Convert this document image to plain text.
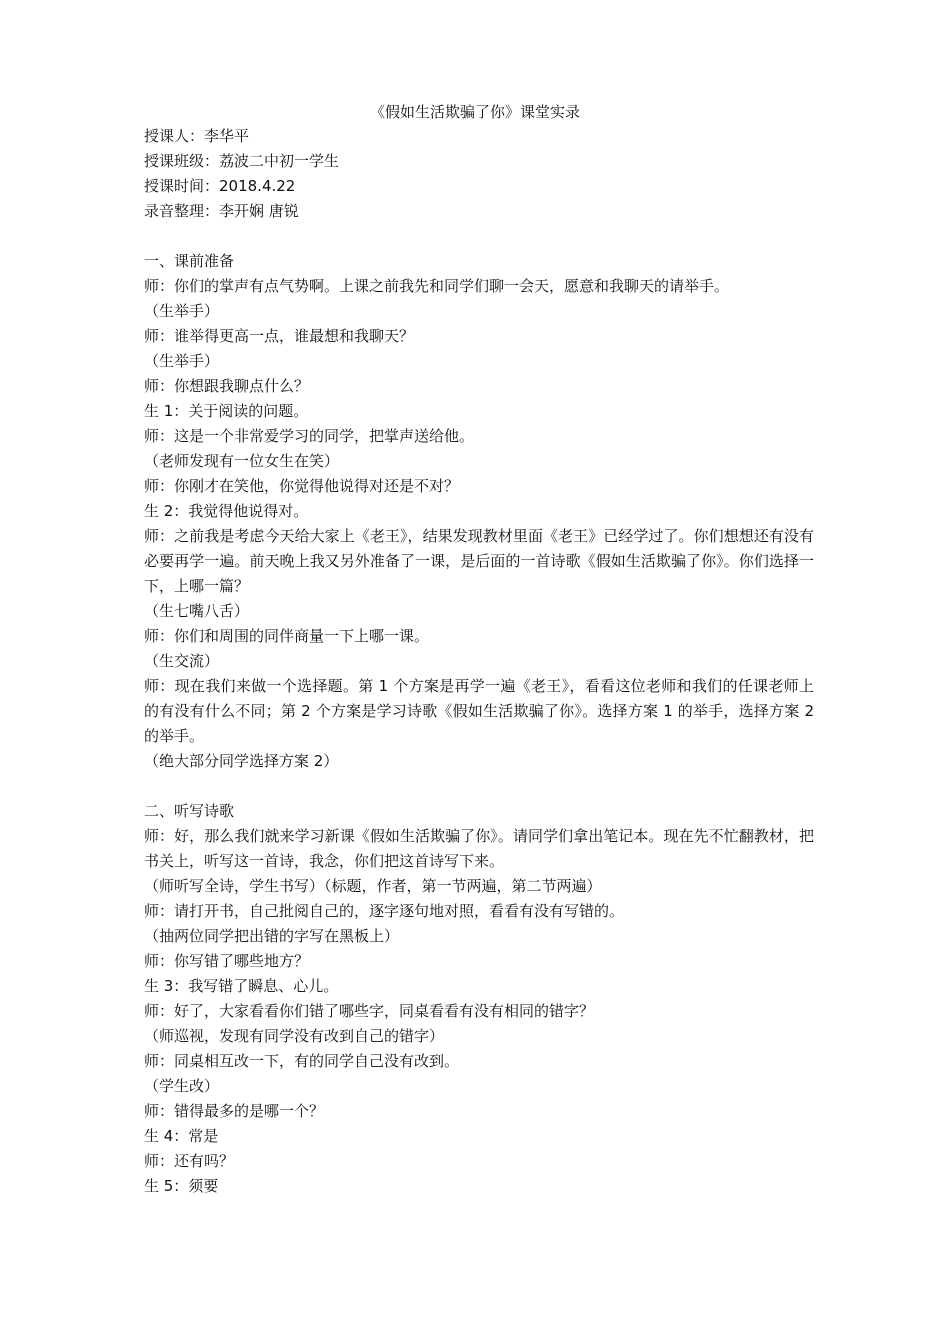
《假如生活欺骗了你》课堂实录

授课人：李华平

授课班级：荔波二中初一学生

授课时间：2018.4.22

录音整理：李开娴 唐锐

一、课前准备

师：你们的掌声有点气势啊。上课之前我先和同学们聊一会天，愿意和我聊天的请举手。

（生举手）

师：谁举得更高一点，谁最想和我聊天？

（生举手）

师：你想跟我聊点什么？

生 1：关于阅读的问题。

师：这是一个非常爱学习的同学，把掌声送给他。

（老师发现有一位女生在笑）

师：你刚才在笑他，你觉得他说得对还是不对？

生 2：我觉得他说得对。

师：之前我是考虑今天给大家上《老王》，结果发现教材里面《老王》已经学过了。你们想想还有没有必要再学一遍。前天晚上我又另外准备了一课，是后面的一首诗歌《假如生活欺骗了你》。你们选择一下，上哪一篇？

（生七嘴八舌）

师：你们和周围的同伴商量一下上哪一课。

（生交流）

师：现在我们来做一个选择题。第 1 个方案是再学一遍《老王》，看看这位老师和我们的任课老师上的有没有什么不同；第 2 个方案是学习诗歌《假如生活欺骗了你》。选择方案 1 的举手，选择方案 2 的举手。

（绝大部分同学选择方案 2）

二、听写诗歌

师：好，那么我们就来学习新课《假如生活欺骗了你》。请同学们拿出笔记本。现在先不忙翻教材，把书关上，听写这一首诗，我念，你们把这首诗写下来。

（师听写全诗，学生书写）（标题，作者，第一节两遍，第二节两遍）

师：请打开书，自己批阅自己的，逐字逐句地对照，看看有没有写错的。

（抽两位同学把出错的字写在黑板上）

师：你写错了哪些地方？

生 3：我写错了瞬息、心儿。

师：好了，大家看看你们错了哪些字，同桌看看有没有相同的错字？

（师巡视，发现有同学没有改到自己的错字）

师：同桌相互改一下，有的同学自己没有改到。

（学生改）

师：错得最多的是哪一个？

生 4：常是

师：还有吗？

生 5：须要
